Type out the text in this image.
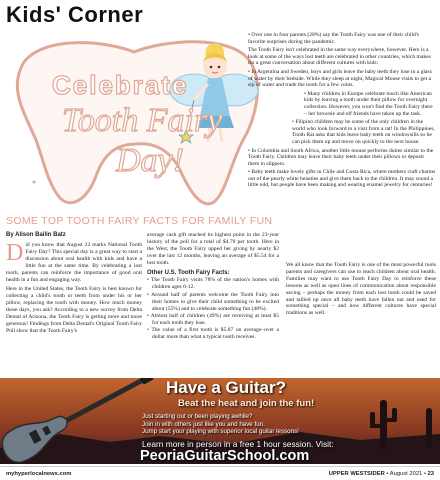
Kids' Corner
Celebrate
Tooth Fairy
Day!

• Over one in four parents (28%) say the Tooth Fairy was one of their child's favorite surprises during the pandemic.

The Tooth Fairy isn't celebrated in the same way everywhere, however. Here is a look at some of the ways lost teeth are celebrated in other countries, which makes for a great conversation about different cultures with kids:

• In Argentina and Sweden, boys and girls leave the baby teeth they lose in a glass of water by their bedside. While they sleep at night, Magical Mouse visits to get a sip of water and trade the tooth for a few coins.

• Many children in Europe celebrate much like American kids by leaving a tooth under their pillow for overnight collection. However, you won't find the Tooth Fairy there – her brownie and elf friends have taken up the task.

• Filipino children may be some of the only children in the world who look forward to a visit from a rat! In the Philippines, Tooth Rat asks that kids leave baby teeth on windowsills so he can pick them up and move on quickly to the next house.

• In Colombia and South Africa, another little mouse performs duties similar to the Tooth Fairy. Children may leave their baby teeth under their pillows or deposit them in slippers.

• Baby teeth make lovely gifts in Chile and Costa Rica, where mothers craft charms out of the pearly white beauties and give them back to the children. It may sound a little odd, but people have been making and wearing enamel jewelry for centuries!

SOME TOP TOOTH FAIRY FACTS FOR FAMILY FUN
By Alison Bailin Batz

Did you know that August 22 marks National Tooth Fairy Day? This special day is a great way to start a discussion about oral health with kids and have a little fun at the same time. By celebrating a lost tooth, parents can reinforce the importance of good oral health in a fun and engaging way.

Here in the United States, the Tooth Fairy is best known for collecting a child's tooth or teeth from under his or her pillow, replacing the tooth with money. How much money these days, you ask? According to a new survey from Delta Dental of Arizona, the Tooth Fairy is getting more and more generous! Findings from Delta Dental's Original Tooth Fairy Poll show that the Tooth Fairy's

average cash gift reached its highest point in the 23-year history of the poll for a total of $4.70 per tooth. Here in the West, the Tooth Fairy upped her giving by nearly $2 over the last 12 months, leaving an average of $5.54 for a lost tooth.

Other U.S. Tooth Fairy Facts:
• The Tooth Fairy visits 78% of the nation's homes with children ages 6-12.
• Around half of parents welcome the Tooth Fairy into their homes to give their child something to be excited about (55%) and to celebrate something fun (48%).
• Almost half of children (49%) are receiving at least $5 for each tooth they lose.
• The value of a first tooth is $5.87 on average–over a dollar more than what a typical tooth receives.

We all know that the Tooth Fairy is one of the most powerful tools parents and caregivers can use to teach children about oral health. Families may want to use Tooth Fairy Day to reinforce these lessons as well as open lines of communication about responsible saving – perhaps the money from each lost tooth could be saved and tallied up once all baby teeth have fallen out and used for something special – and how different cultures have special traditions as well.

Have a Guitar?
Beat the heat and join the fun!
Just starting out or been playing awhile?
Join in with others just like you and have fun.
Jump start your playing with superior local guitar lessons!
Learn more in person in a free 1 hour session. Visit:
PeoriaGuitarSchool.com
myhyperlocalnews.com	UPPER WESTSIDER • August 2021 • 23
